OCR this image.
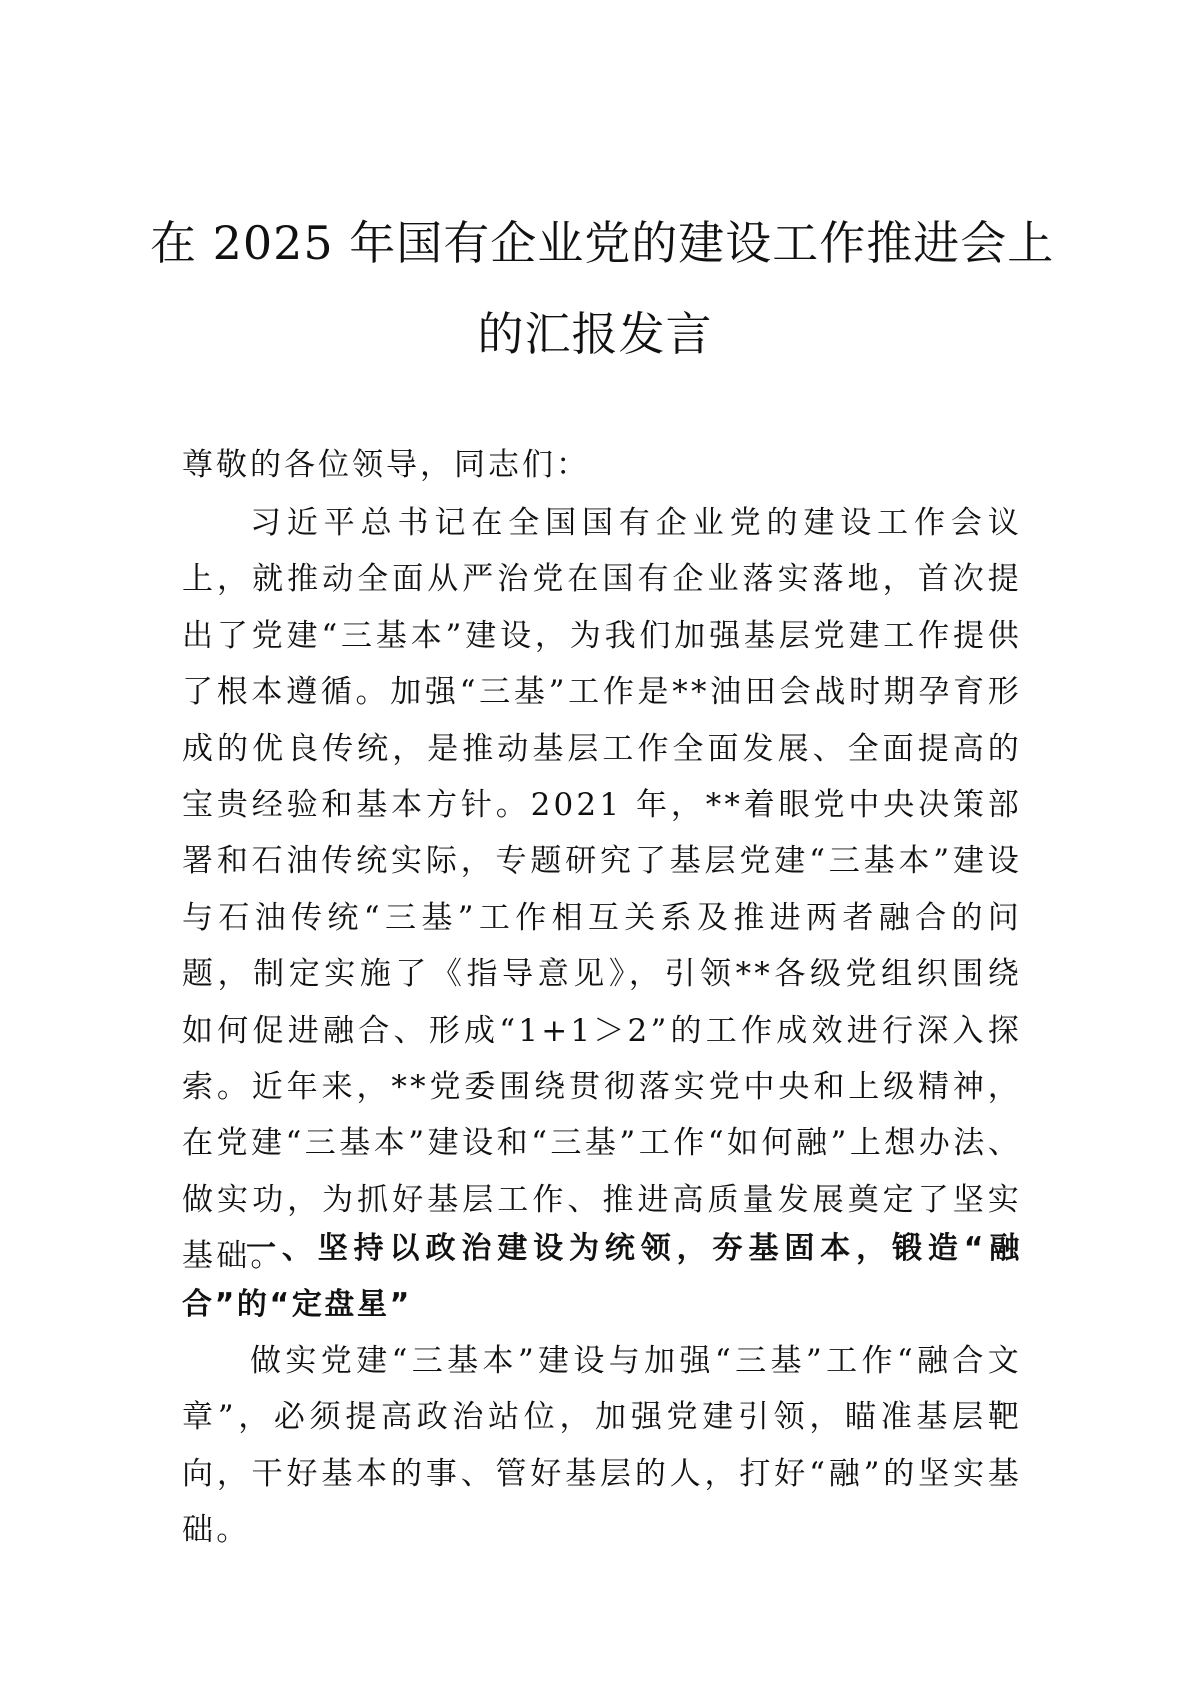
在 2025 年国有企业党的建设工作推进会上
的汇报发言
尊敬的各位领导，同志们：
习近平总书记在全国国有企业党的建设工作会议上，就推动全面从严治党在国有企业落实落地，首次提出了党建“三基本”建设，为我们加强基层党建工作提供了根本遵循。加强“三基”工作是**油田会战时期孕育形成的优良传统，是推动基层工作全面发展、全面提高的宝贵经验和基本方针。2021 年，**着眼党中央决策部署和石油传统实际，专题研究了基层党建“三基本”建设与石油传统“三基”工作相互关系及推进两者融合的问题，制定实施了《指导意见》，引领**各级党组织围绕如何促进融合、形成“1+1＞2”的工作成效进行深入探索。近年来，**党委围绕贯彻落实党中央和上级精神，在党建“三基本”建设和“三基”工作“如何融”上想办法、做实功，为抓好基层工作、推进高质量发展奠定了坚实基础。
一、坚持以政治建设为统领，夯基固本，锻造“融合”的“定盘星”
做实党建“三基本”建设与加强“三基”工作“融合文章”，必须提高政治站位，加强党建引领，瞄准基层靶向，干好基本的事、管好基层的人，打好“融”的坚实基础。
